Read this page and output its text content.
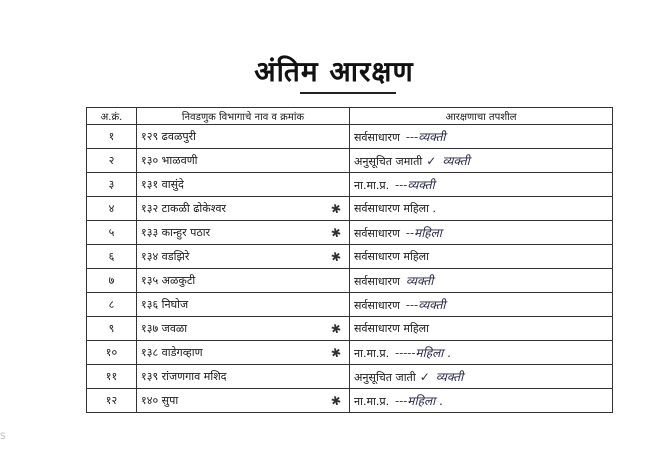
अंतिम आरक्षण
अ.क्रं.	निवडणुक विभागाचे नाव व क्रमांक	आरक्षणाचा तपशील
१	१२९ ढवळपुरी	सर्वसाधारण ---व्यक्ती
२	१३० भाळवणी	अनुसूचित जमाती ✓ व्यक्ती
३	१३१ वासुंदे	ना.मा.प्र. ---व्यक्ती
४	१३२ टाकळी ढोकेश्वर ✱	सर्वसाधारण महिला .
५	१३३ कान्हुर पठार ✱	सर्वसाधारण --महिला
६	१३४ वडझिरे ✱	सर्वसाधारण महिला
७	१३५ अळकुटी	सर्वसाधारण व्यक्ती
८	१३६ निघोज	सर्वसाधारण ---व्यक्ती
९	१३७ जवळा ✱	सर्वसाधारण महिला
१०	१३८ वाडेगव्हाण ✱	ना.मा.प्र. -----महिला .
११	१३९ रांजणगाव मशिद	अनुसूचित जाती ✓ व्यक्ती
१२	१४० सुपा ✱	ना.मा.प्र. ---महिला .
S
